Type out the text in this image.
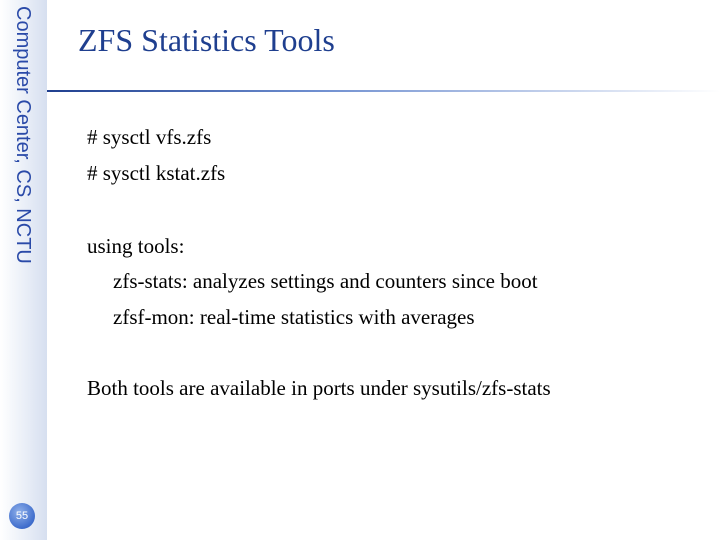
Computer Center, CS, NCTU
55
ZFS Statistics Tools
# sysctl vfs.zfs
# sysctl kstat.zfs
using tools:
zfs-stats: analyzes settings and counters since boot
zfsf-mon: real-time statistics with averages
Both tools are available in ports under sysutils/zfs-stats
